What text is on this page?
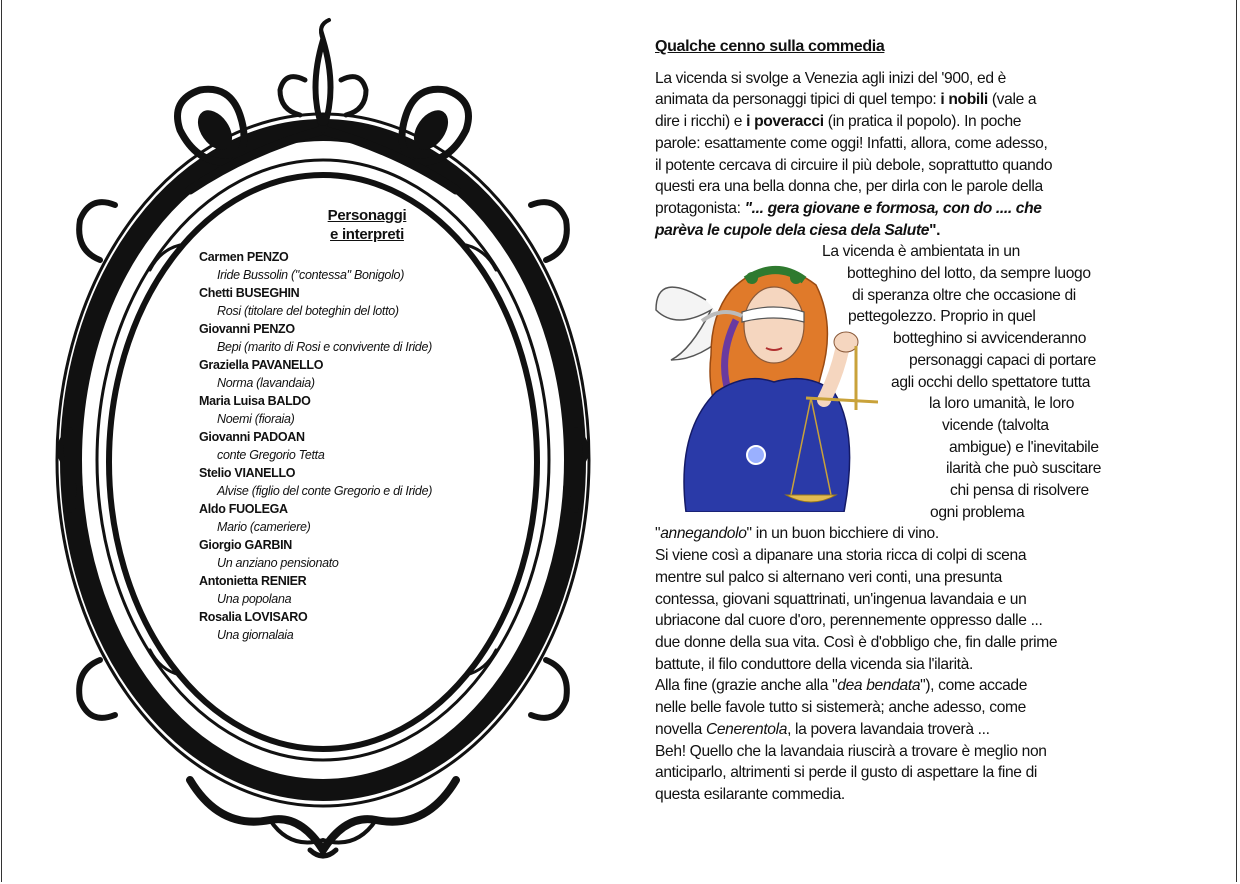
Personaggi
e interpreti
Carmen PENZO
Iride Bussolin ("contessa" Bonigolo)
Chetti BUSEGHIN
Rosi (titolare del boteghin del lotto)
Giovanni PENZO
Bepi (marito di Rosi e convivente di Iride)
Graziella PAVANELLO
Norma (lavandaia)
Maria Luisa BALDO
Noemi (fioraia)
Giovanni PADOAN
conte Gregorio Tetta
Stelio VIANELLO
Alvise (figlio del conte Gregorio e di Iride)
Aldo FUOLEGA
Mario (cameriere)
Giorgio GARBIN
Un anziano pensionato
Antonietta RENIER
Una popolana
Rosalia LOVISARO
Una giornalaia
Qualche cenno sulla commedia
La vicenda si svolge a Venezia agli inizi del '900, ed è
animata da personaggi tipici di quel tempo: i nobili (vale a
dire i ricchi) e i poveracci (in pratica il popolo). In poche
parole: esattamente come oggi! Infatti, allora, come adesso,
il potente cercava di circuire il più debole, soprattutto quando
questi era una bella donna che, per dirla con le parole della
protagonista: "... gera giovane e formosa, con do .... che
parèva le cupole dela ciesa dela Salute".
La vicenda è ambientata in un
botteghino del lotto, da sempre luogo
di speranza oltre che occasione di
pettegolezzo. Proprio in quel
botteghino si avvicenderanno
personaggi capaci di portare
agli occhi dello spettatore tutta
la loro umanità, le loro
vicende (talvolta
ambigue) e l'inevitabile
ilarità che può suscitare
chi pensa di risolvere
ogni problema
"annegandolo" in un buon bicchiere di vino.
Si viene così a dipanare una storia ricca di colpi di scena
mentre sul palco si alternano veri conti, una presunta
contessa, giovani squattrinati, un'ingenua lavandaia e un
ubriacone dal cuore d'oro, perennemente oppresso dalle ...
due donne della sua vita. Così è d'obbligo che, fin dalle prime
battute, il filo conduttore della vicenda sia l'ilarità.
Alla fine (grazie anche alla "dea bendata"), come accade
nelle belle favole tutto si sistemerà; anche adesso, come
novella Cenerentola, la povera lavandaia troverà ...
Beh! Quello che la lavandaia riuscirà a trovare è meglio non
anticiparlo, altrimenti si perde il gusto di aspettare la fine di
questa esilarante commedia.
